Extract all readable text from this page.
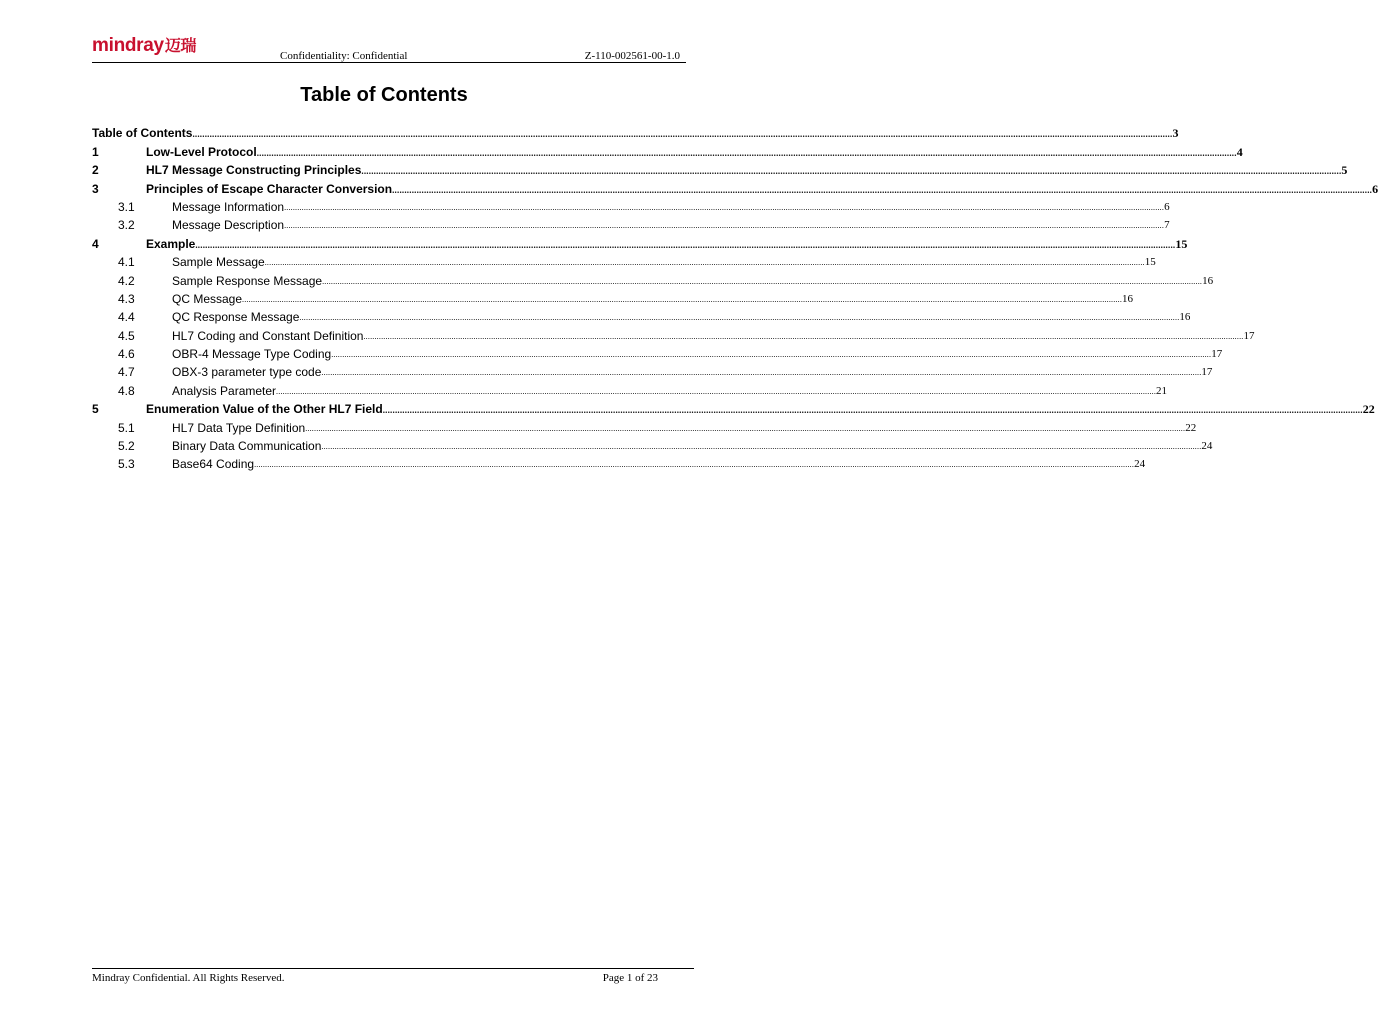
mindray迈瑞
Confidentiality: Confidential	Z-110-002561-00-1.0
Table of Contents
Table of Contents ................................................................................................................................................................................................................................................................................................................................................................................................................ 3
1	Low-Level Protocol ................................................................................................................................................................................................................................................................................................................................................................................................................ 4
2	HL7 Message Constructing Principles ................................................................................................................................................................................................................................................................................................................................................................................................................ 5
3	Principles of Escape Character Conversion ................................................................................................................................................................................................................................................................................................................................................................................................................ 6
3.1	Message Information ................................................................................................................................................................................................................................................................................................................................................................................................................ 6
3.2	Message Description ................................................................................................................................................................................................................................................................................................................................................................................................................ 7
4	Example ................................................................................................................................................................................................................................................................................................................................................................................................................ 15
4.1	Sample Message ................................................................................................................................................................................................................................................................................................................................................................................................................ 15
4.2	Sample Response Message ................................................................................................................................................................................................................................................................................................................................................................................................................ 16
4.3	QC Message ................................................................................................................................................................................................................................................................................................................................................................................................................ 16
4.4	QC Response Message ................................................................................................................................................................................................................................................................................................................................................................................................................ 16
4.5	HL7 Coding and Constant Definition ................................................................................................................................................................................................................................................................................................................................................................................................................ 17
4.6	OBR-4 Message Type Coding ................................................................................................................................................................................................................................................................................................................................................................................................................ 17
4.7	OBX-3 parameter type code ................................................................................................................................................................................................................................................................................................................................................................................................................ 17
4.8	Analysis Parameter ................................................................................................................................................................................................................................................................................................................................................................................................................ 21
5	Enumeration Value of the Other HL7 Field ................................................................................................................................................................................................................................................................................................................................................................................................................ 22
5.1	HL7 Data Type Definition ................................................................................................................................................................................................................................................................................................................................................................................................................ 22
5.2	Binary Data Communication ................................................................................................................................................................................................................................................................................................................................................................................................................ 24
5.3	Base64 Coding ................................................................................................................................................................................................................................................................................................................................................................................................................ 24
Mindray Confidential. All Rights Reserved.	Page 1 of 23
